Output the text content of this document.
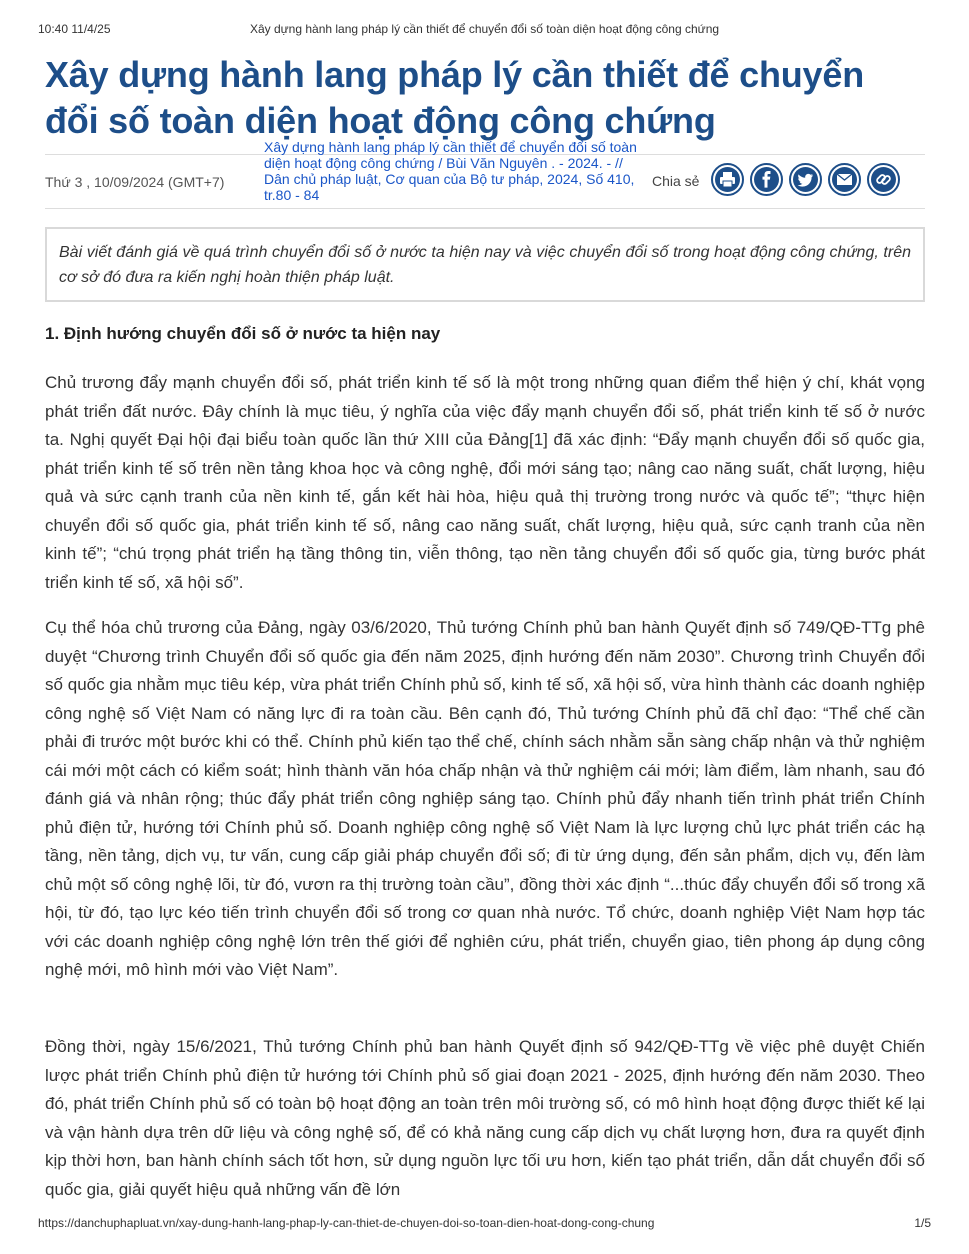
10:40 11/4/25	Xây dựng hành lang pháp lý cần thiết để chuyển đổi số toàn diện hoạt động công chứng
Xây dựng hành lang pháp lý cần thiết để chuyển đổi số toàn diện hoạt động công chứng
Thứ 3 , 10/09/2024 (GMT+7)
Xây dựng hành lang pháp lý cần thiết để chuyển đổi số toàn diện hoạt động công chứng / Bùi Văn Nguyên . - 2024. - // Dân chủ pháp luật, Cơ quan của Bộ tư pháp, 2024, Số 410, tr.80 - 84
Chia sẻ
Bài viết đánh giá về quá trình chuyển đổi số ở nước ta hiện nay và việc chuyển đổi số trong hoạt động công chứng, trên cơ sở đó đưa ra kiến nghị hoàn thiện pháp luật.
1. Định hướng chuyển đổi số ở nước ta hiện nay

Chủ trương đẩy mạnh chuyển đổi số, phát triển kinh tế số là một trong những quan điểm thể hiện ý chí, khát vọng phát triển đất nước. Đây chính là mục tiêu, ý nghĩa của việc đẩy mạnh chuyển đổi số, phát triển kinh tế số ở nước ta. Nghị quyết Đại hội đại biểu toàn quốc lần thứ XIII của Đảng[1] đã xác định: “Đẩy mạnh chuyển đổi số quốc gia, phát triển kinh tế số trên nền tảng khoa học và công nghệ, đổi mới sáng tạo; nâng cao năng suất, chất lượng, hiệu quả và sức cạnh tranh của nền kinh tế, gắn kết hài hòa, hiệu quả thị trường trong nước và quốc tế”; “thực hiện chuyển đổi số quốc gia, phát triển kinh tế số, nâng cao năng suất, chất lượng, hiệu quả, sức cạnh tranh của nền kinh tế”; “chú trọng phát triển hạ tầng thông tin, viễn thông, tạo nền tảng chuyển đổi số quốc gia, từng bước phát triển kinh tế số, xã hội số”.

Cụ thể hóa chủ trương của Đảng, ngày 03/6/2020, Thủ tướng Chính phủ ban hành Quyết định số 749/QĐ-TTg phê duyệt “Chương trình Chuyển đổi số quốc gia đến năm 2025, định hướng đến năm 2030”. Chương trình Chuyển đổi số quốc gia nhằm mục tiêu kép, vừa phát triển Chính phủ số, kinh tế số, xã hội số, vừa hình thành các doanh nghiệp công nghệ số Việt Nam có năng lực đi ra toàn cầu. Bên cạnh đó, Thủ tướng Chính phủ đã chỉ đạo: “Thể chế cần phải đi trước một bước khi có thể. Chính phủ kiến tạo thể chế, chính sách nhằm sẵn sàng chấp nhận và thử nghiệm cái mới một cách có kiểm soát; hình thành văn hóa chấp nhận và thử nghiệm cái mới; làm điểm, làm nhanh, sau đó đánh giá và nhân rộng; thúc đẩy phát triển công nghiệp sáng tạo. Chính phủ đẩy nhanh tiến trình phát triển Chính phủ điện tử, hướng tới Chính phủ số. Doanh nghiệp công nghệ số Việt Nam là lực lượng chủ lực phát triển các hạ tầng, nền tảng, dịch vụ, tư vấn, cung cấp giải pháp chuyển đổi số; đi từ ứng dụng, đến sản phẩm, dịch vụ, đến làm chủ một số công nghệ lõi, từ đó, vươn ra thị trường toàn cầu”, đồng thời xác định “...thúc đẩy chuyển đổi số trong xã hội, từ đó, tạo lực kéo tiến trình chuyển đổi số trong cơ quan nhà nước. Tổ chức, doanh nghiệp Việt Nam hợp tác với các doanh nghiệp công nghệ lớn trên thế giới để nghiên cứu, phát triển, chuyển giao, tiên phong áp dụng công nghệ mới, mô hình mới vào Việt Nam”.

Đồng thời, ngày 15/6/2021, Thủ tướng Chính phủ ban hành Quyết định số 942/QĐ-TTg về việc phê duyệt Chiến lược phát triển Chính phủ điện tử hướng tới Chính phủ số giai đoạn 2021 - 2025, định hướng đến năm 2030. Theo đó, phát triển Chính phủ số có toàn bộ hoạt động an toàn trên môi trường số, có mô hình hoạt động được thiết kế lại và vận hành dựa trên dữ liệu và công nghệ số, để có khả năng cung cấp dịch vụ chất lượng hơn, đưa ra quyết định kịp thời hơn, ban hành chính sách tốt hơn, sử dụng nguồn lực tối ưu hơn, kiến tạo phát triển, dẫn dắt chuyển đổi số quốc gia, giải quyết hiệu quả những vấn đề lớn

https://danchuphapluat.vn/xay-dung-hanh-lang-phap-ly-can-thiet-de-chuyen-doi-so-toan-dien-hoat-dong-cong-chung	1/5
